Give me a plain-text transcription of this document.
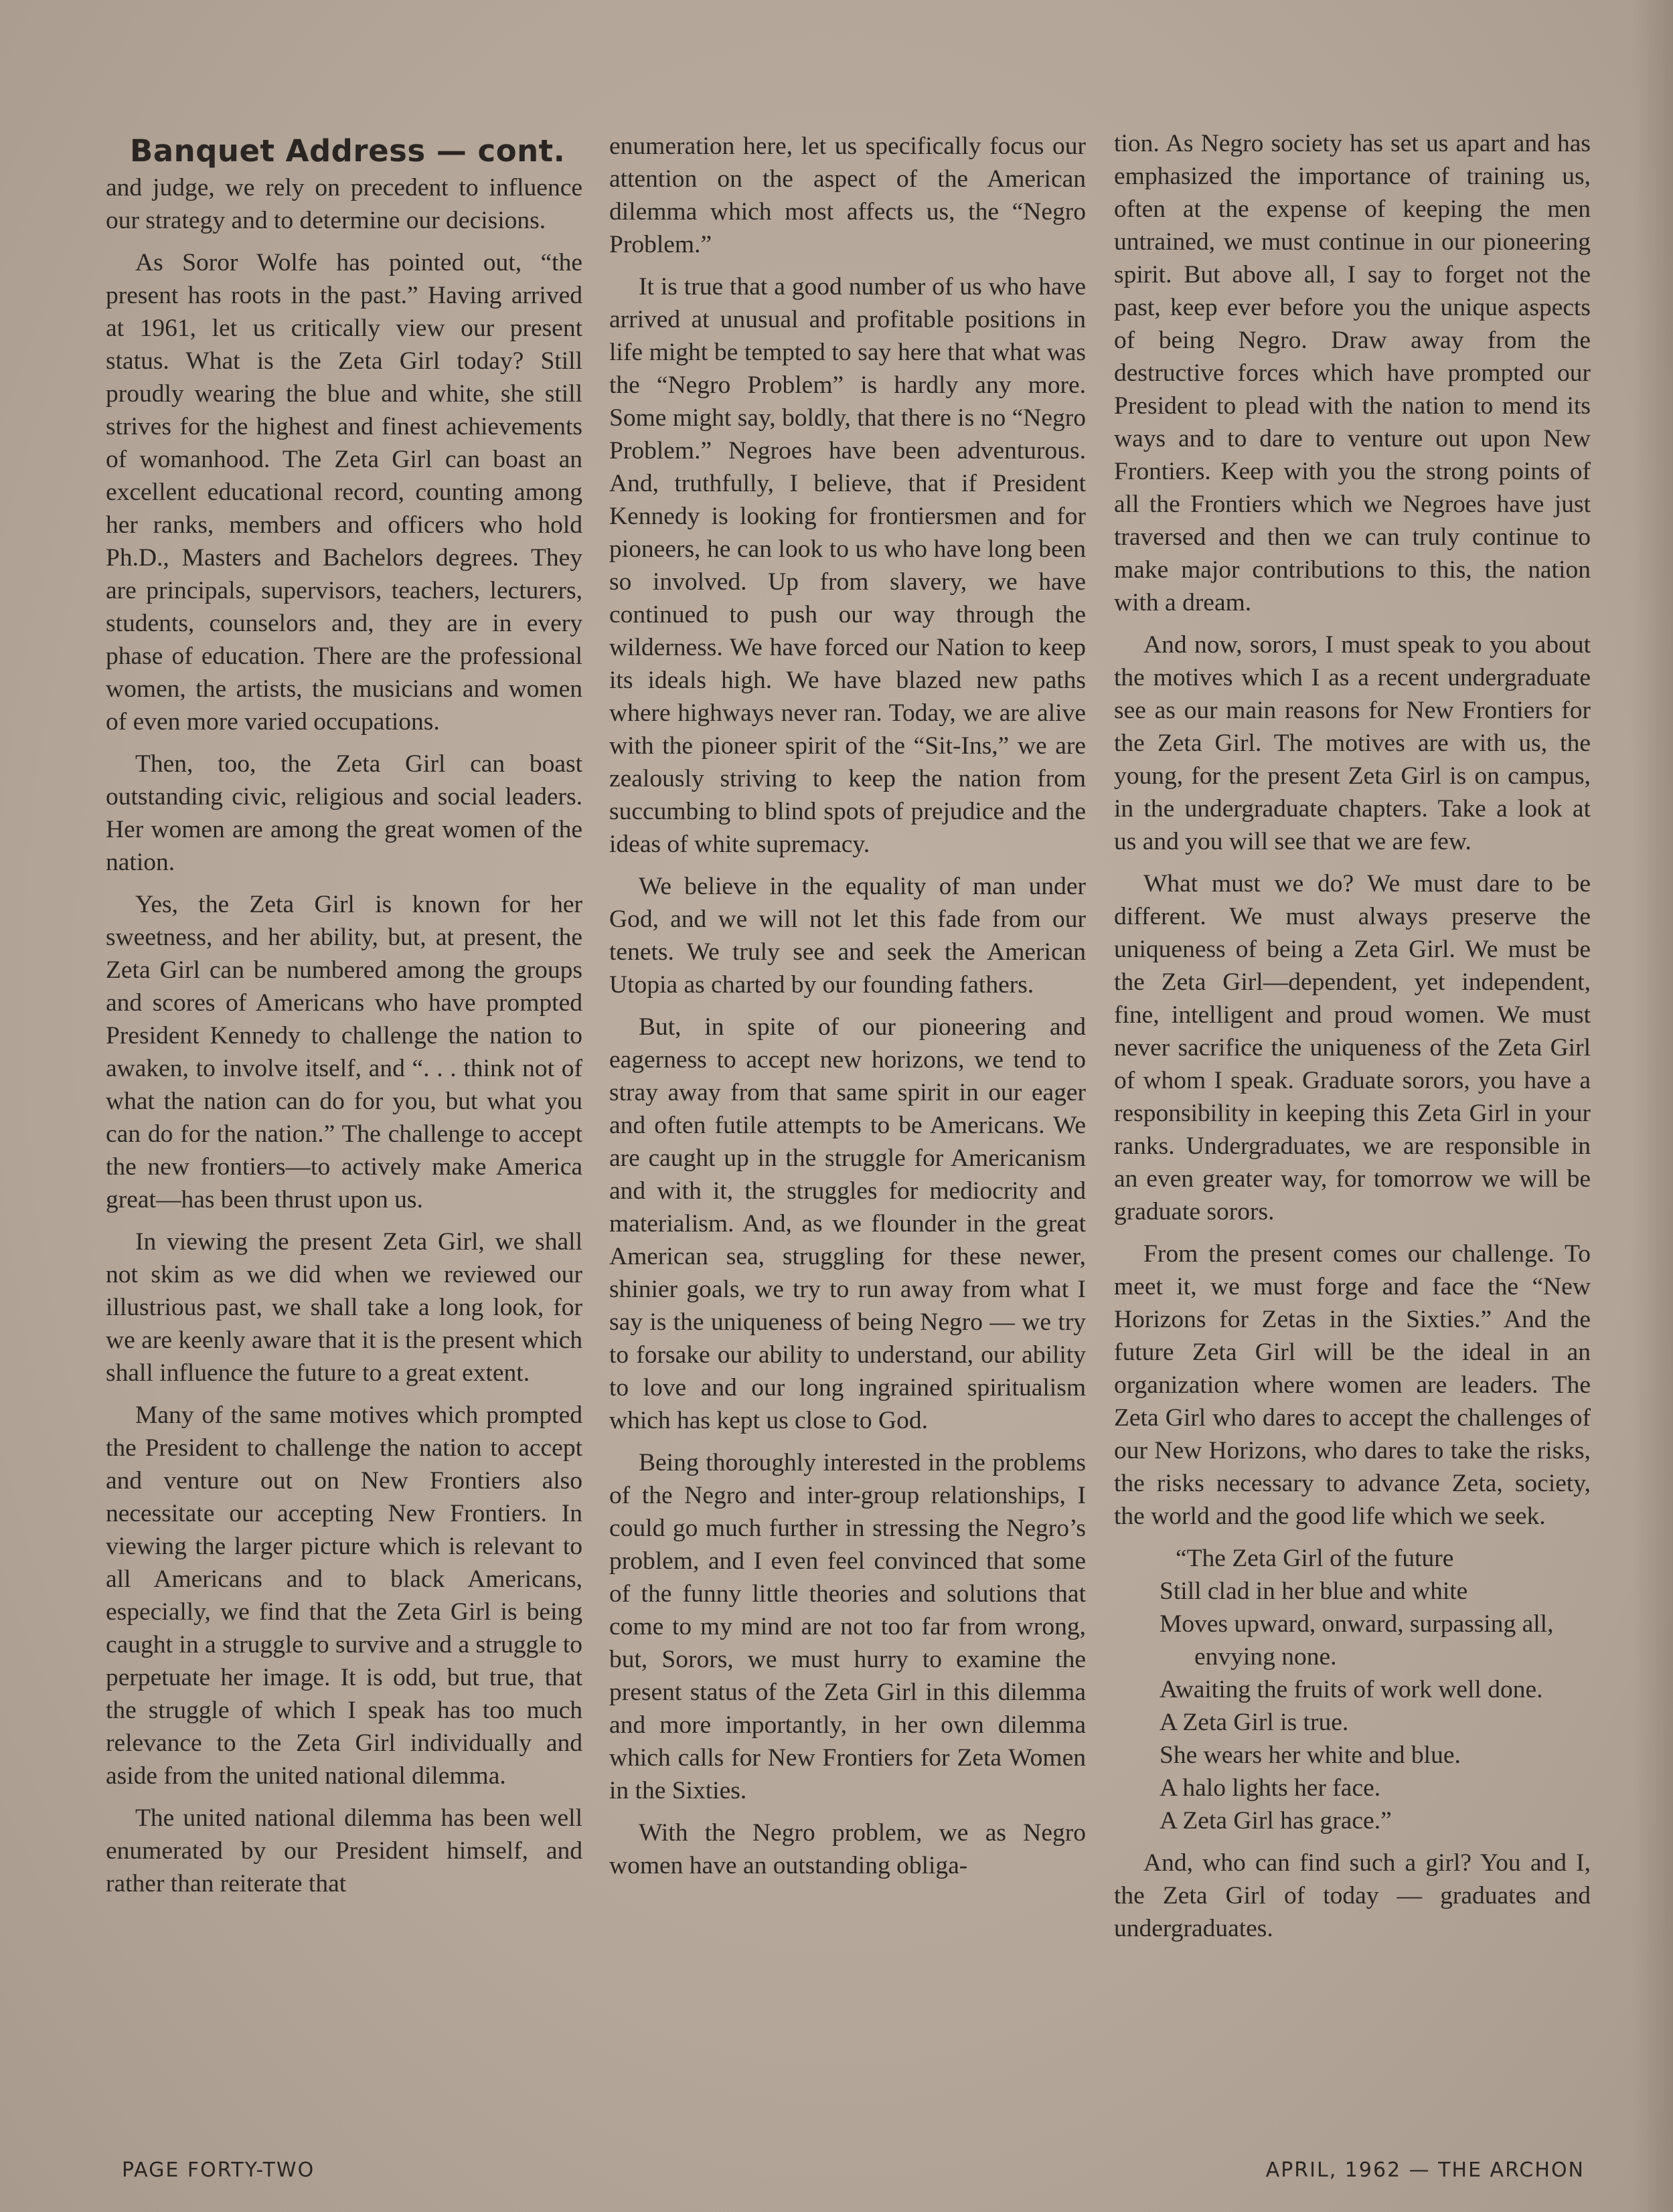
Banquet Address — cont.

and judge, we rely on precedent to influence our strategy and to determine our decisions.

As Soror Wolfe has pointed out, “the present has roots in the past.” Having arrived at 1961, let us critically view our present status. What is the Zeta Girl today? Still proudly wearing the blue and white, she still strives for the highest and finest achievements of womanhood. The Zeta Girl can boast an excellent educational record, counting among her ranks, members and officers who hold Ph.D., Masters and Bachelors degrees. They are principals, supervisors, teachers, lecturers, students, counselors and, they are in every phase of education. There are the professional women, the artists, the musicians and women of even more varied occupations.

Then, too, the Zeta Girl can boast outstanding civic, religious and social leaders. Her women are among the great women of the nation.

Yes, the Zeta Girl is known for her sweetness, and her ability, but, at present, the Zeta Girl can be numbered among the groups and scores of Americans who have prompted President Kennedy to challenge the nation to awaken, to involve itself, and “. . . think not of what the nation can do for you, but what you can do for the nation.” The challenge to accept the new frontiers—to actively make America great—has been thrust upon us.

In viewing the present Zeta Girl, we shall not skim as we did when we reviewed our illustrious past, we shall take a long look, for we are keenly aware that it is the present which shall influence the future to a great extent.

Many of the same motives which prompted the President to challenge the nation to accept and venture out on New Frontiers also necessitate our accepting New Frontiers. In viewing the larger picture which is relevant to all Americans and to black Americans, especially, we find that the Zeta Girl is being caught in a struggle to survive and a struggle to perpetuate her image. It is odd, but true, that the struggle of which I speak has too much relevance to the Zeta Girl individually and aside from the united national dilemma.

The united national dilemma has been well enumerated by our President himself, and rather than reiterate that

enumeration here, let us specifically focus our attention on the aspect of the American dilemma which most affects us, the “Negro Problem.”

It is true that a good number of us who have arrived at unusual and profitable positions in life might be tempted to say here that what was the “Negro Problem” is hardly any more. Some might say, boldly, that there is no “Negro Problem.” Negroes have been adventurous. And, truthfully, I believe, that if President Kennedy is looking for frontiersmen and for pioneers, he can look to us who have long been so involved. Up from slavery, we have continued to push our way through the wilderness. We have forced our Nation to keep its ideals high. We have blazed new paths where highways never ran. Today, we are alive with the pioneer spirit of the “Sit-Ins,” we are zealously striving to keep the nation from succumbing to blind spots of prejudice and the ideas of white supremacy.

We believe in the equality of man under God, and we will not let this fade from our tenets. We truly see and seek the American Utopia as charted by our founding fathers.

But, in spite of our pioneering and eagerness to accept new horizons, we tend to stray away from that same spirit in our eager and often futile attempts to be Americans. We are caught up in the struggle for Americanism and with it, the struggles for mediocrity and materialism. And, as we flounder in the great American sea, struggling for these newer, shinier goals, we try to run away from what I say is the uniqueness of being Negro — we try to forsake our ability to understand, our ability to love and our long ingrained spiritualism which has kept us close to God.

Being thoroughly interested in the problems of the Negro and inter-group relationships, I could go much further in stressing the Negro’s problem, and I even feel convinced that some of the funny little theories and solutions that come to my mind are not too far from wrong, but, Sorors, we must hurry to examine the present status of the Zeta Girl in this dilemma and more importantly, in her own dilemma which calls for New Frontiers for Zeta Women in the Sixties.

With the Negro problem, we as Negro women have an outstanding obliga-

tion. As Negro society has set us apart and has emphasized the importance of training us, often at the expense of keeping the men untrained, we must continue in our pioneering spirit. But above all, I say to forget not the past, keep ever before you the unique aspects of being Negro. Draw away from the destructive forces which have prompted our President to plead with the nation to mend its ways and to dare to venture out upon New Frontiers. Keep with you the strong points of all the Frontiers which we Negroes have just traversed and then we can truly continue to make major contributions to this, the nation with a dream.

And now, sorors, I must speak to you about the motives which I as a recent undergraduate see as our main reasons for New Frontiers for the Zeta Girl. The motives are with us, the young, for the present Zeta Girl is on campus, in the undergraduate chapters. Take a look at us and you will see that we are few.

What must we do? We must dare to be different. We must always preserve the uniqueness of being a Zeta Girl. We must be the Zeta Girl—dependent, yet independent, fine, intelligent and proud women. We must never sacrifice the uniqueness of the Zeta Girl of whom I speak. Graduate sorors, you have a responsibility in keeping this Zeta Girl in your ranks. Undergraduates, we are responsible in an even greater way, for tomorrow we will be graduate sorors.

From the present comes our challenge. To meet it, we must forge and face the “New Horizons for Zetas in the Sixties.” And the future Zeta Girl will be the ideal in an organization where women are leaders. The Zeta Girl who dares to accept the challenges of our New Horizons, who dares to take the risks, the risks necessary to advance Zeta, society, the world and the good life which we seek.

“The Zeta Girl of the future
Still clad in her blue and white
Moves upward, onward, surpassing all, envying none.
Awaiting the fruits of work well done.
A Zeta Girl is true.
She wears her white and blue.
A halo lights her face.
A Zeta Girl has grace.”

And, who can find such a girl? You and I, the Zeta Girl of today — graduates and undergraduates.

PAGE FORTY-TWO	APRIL, 1962 — THE ARCHON
